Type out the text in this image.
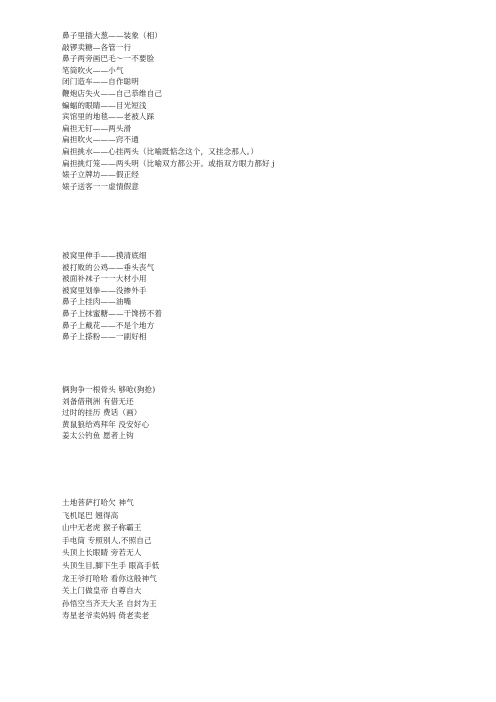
鼻子里插大葱——装象（相）
敲锣卖糖—各管一行
鼻子两旁画巴毛～一不要脸
笔筒吹火——小气
闭门造车——自作聪明
鞭炮店失火——自己恭维自己
蝙蝠的眼睛——目光短浅
宾馆里的地毯——老被人踩
扁担无钉——两头滑
扁担吹火———窍不通
扁担挑水——心挂两头（比喻既惦念这个，又挂念那人。）
扁担挑灯笼——两头明（比喻双方都公开。或指双方眼力都好 j
婊子立牌坊——假正经
婊子送客一一虚情假意
被窝里伸手——摸清底细
被打败的公鸡——垂头丧气
被面补袜子一一大材小用
被窝里划拳——没掺外手
鼻子上挂肉——油嘴
鼻子上抹蜜糖——干馋捞不着
鼻子上戴花——不是个地方
鼻子上搽粉——一副好相
俩狗争一根骨头 够呛(狗抢)
刘备借荆洲 有借无还
过时的挂历 费话（画）
黄鼠狼给鸡拜年 没安好心
姜太公钓鱼 愿者上钩
土地菩萨打哈欠 神气
飞机尾巴 翘得高
山中无老虎 猴子称霸王
手电筒 专照别人,不照自己
头顶上长眼睛 旁若无人
头顶生目,脚下生手 眼高手低
龙王爷打哈哈 看你这般神气
关上门做皇帝 自尊自大
孙悟空当齐天大圣 自封为王
寿星老爷卖妈妈 倚老卖老
